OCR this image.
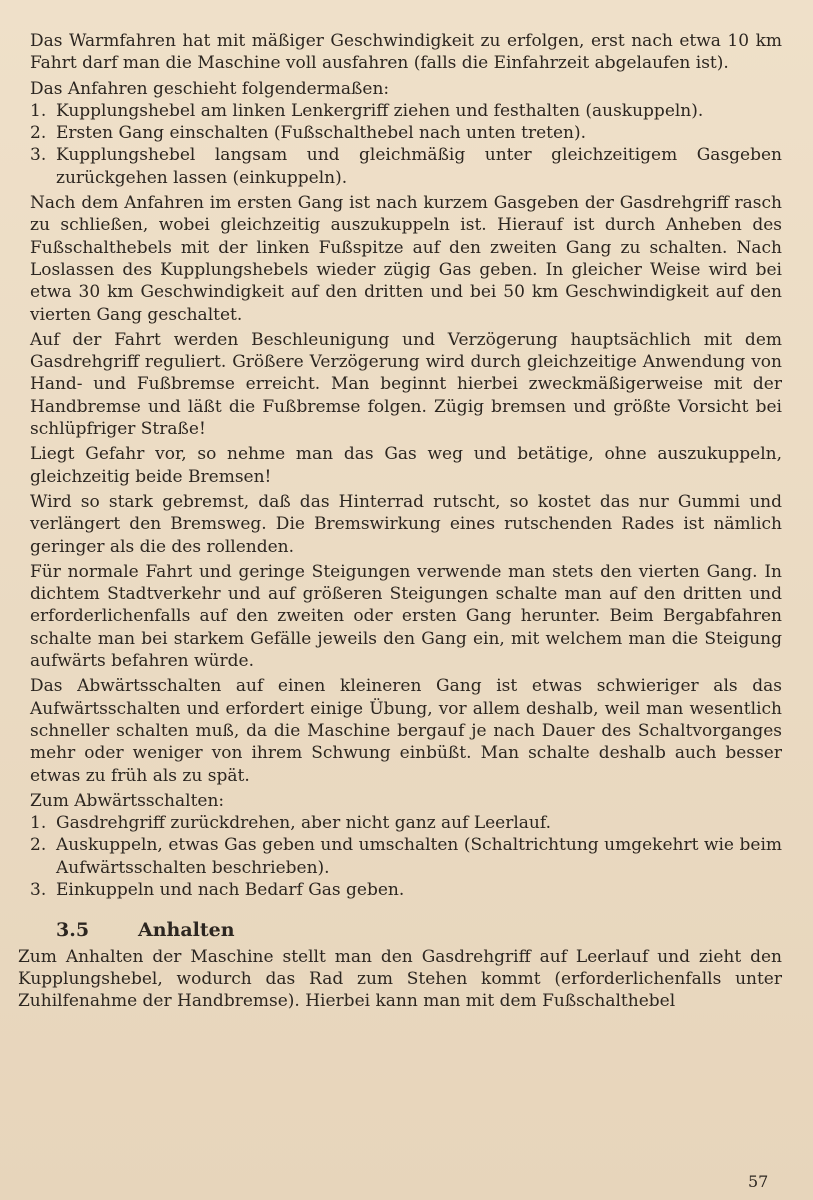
Das Warmfahren hat mit mäßiger Geschwindigkeit zu erfolgen, erst nach etwa 10 km Fahrt darf man die Maschine voll ausfahren (falls die Einfahrzeit abgelaufen ist).

Das Anfahren geschieht folgendermaßen:

1. Kupplungshebel am linken Lenkergriff ziehen und festhalten (auskuppeln).
2. Ersten Gang einschalten (Fußschalthebel nach unten treten).
3. Kupplungshebel langsam und gleichmäßig unter gleichzeitigem Gasgeben zurückgehen lassen (einkuppeln).

Nach dem Anfahren im ersten Gang ist nach kurzem Gasgeben der Gasdrehgriff rasch zu schließen, wobei gleichzeitig auszukuppeln ist. Hierauf ist durch Anheben des Fußschalthebels mit der linken Fußspitze auf den zweiten Gang zu schalten. Nach Loslassen des Kupplungshebels wieder zügig Gas geben. In gleicher Weise wird bei etwa 30 km Geschwindigkeit auf den dritten und bei 50 km Geschwindigkeit auf den vierten Gang geschaltet.

Auf der Fahrt werden Beschleunigung und Verzögerung hauptsächlich mit dem Gasdrehgriff reguliert. Größere Verzögerung wird durch gleichzeitige Anwendung von Hand- und Fußbremse erreicht. Man beginnt hierbei zweckmäßigerweise mit der Handbremse und läßt die Fußbremse folgen. Zügig bremsen und größte Vorsicht bei schlüpfriger Straße!

Liegt Gefahr vor, so nehme man das Gas weg und betätige, ohne auszukuppeln, gleichzeitig beide Bremsen!

Wird so stark gebremst, daß das Hinterrad rutscht, so kostet das nur Gummi und verlängert den Bremsweg. Die Bremswirkung eines rutschenden Rades ist nämlich geringer als die des rollenden.

Für normale Fahrt und geringe Steigungen verwende man stets den vierten Gang. In dichtem Stadtverkehr und auf größeren Steigungen schalte man auf den dritten und erforderlichenfalls auf den zweiten oder ersten Gang herunter. Beim Bergabfahren schalte man bei starkem Gefälle jeweils den Gang ein, mit welchem man die Steigung aufwärts befahren würde.

Das Abwärtsschalten auf einen kleineren Gang ist etwas schwieriger als das Aufwärtsschalten und erfordert einige Übung, vor allem deshalb, weil man wesentlich schneller schalten muß, da die Maschine bergauf je nach Dauer des Schaltvorganges mehr oder weniger von ihrem Schwung einbüßt. Man schalte deshalb auch besser etwas zu früh als zu spät.

Zum Abwärtsschalten:

1. Gasdrehgriff zurückdrehen, aber nicht ganz auf Leerlauf.
2. Auskuppeln, etwas Gas geben und umschalten (Schaltrichtung umgekehrt wie beim Aufwärtsschalten beschrieben).
3. Einkuppeln und nach Bedarf Gas geben.
3.5	Anhalten

Zum Anhalten der Maschine stellt man den Gasdrehgriff auf Leerlauf und zieht den Kupplungshebel, wodurch das Rad zum Stehen kommt (erforderlichenfalls unter Zuhilfenahme der Handbremse). Hierbei kann man mit dem Fußschalthebel

57
